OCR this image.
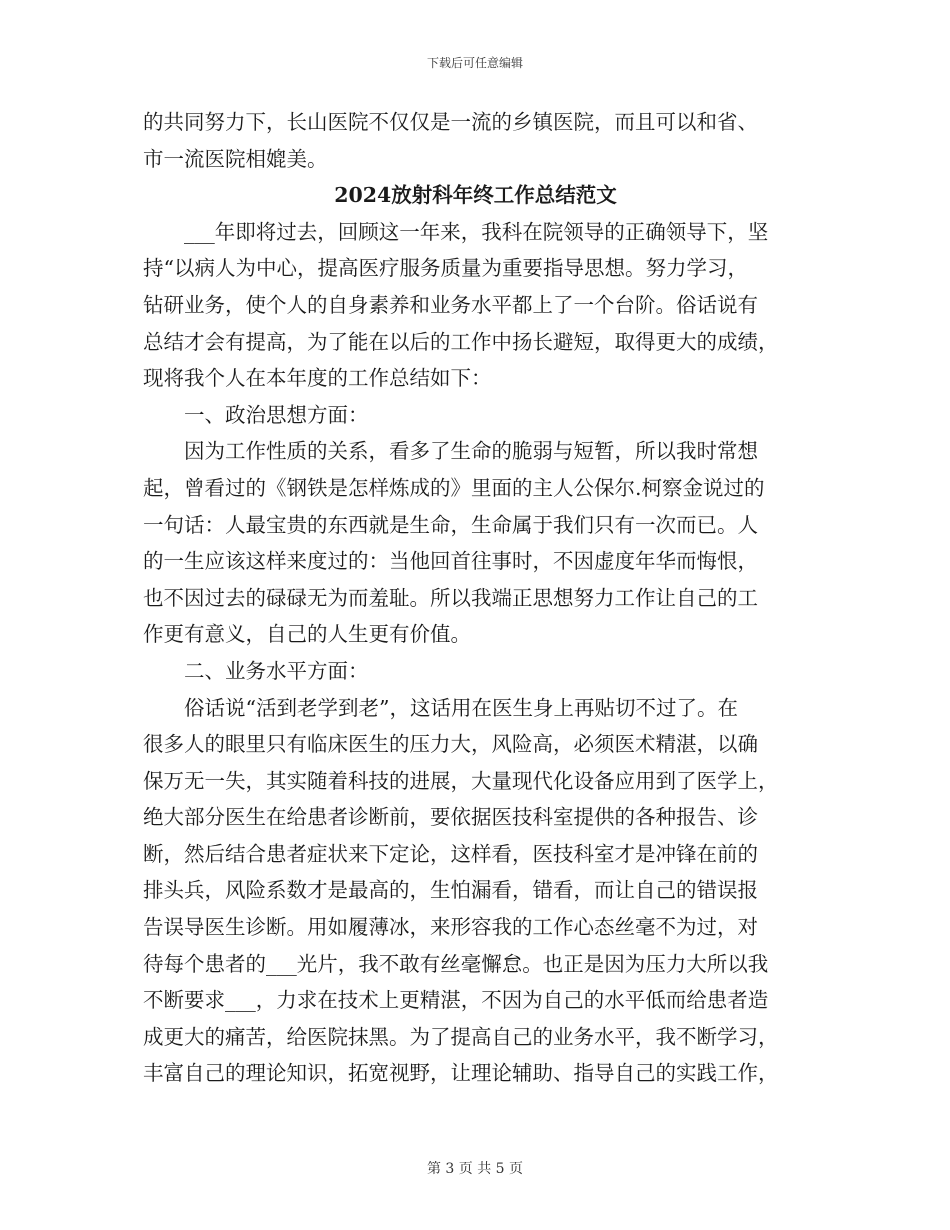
下载后可任意编辑
的共同努力下，长山医院不仅仅是一流的乡镇医院，而且可以和省、
市一流医院相媲美。
2024放射科年终工作总结范文
___年即将过去，回顾这一年来，我科在院领导的正确领导下，坚
持“以病人为中心，提高医疗服务质量为重要指导思想。努力学习，
钻研业务，使个人的自身素养和业务水平都上了一个台阶。俗话说有
总结才会有提高，为了能在以后的工作中扬长避短，取得更大的成绩，
现将我个人在本年度的工作总结如下：
一、政治思想方面：
因为工作性质的关系，看多了生命的脆弱与短暂，所以我时常想
起，曾看过的《钢铁是怎样炼成的》里面的主人公保尔.柯察金说过的
一句话：人最宝贵的东西就是生命，生命属于我们只有一次而已。人
的一生应该这样来度过的：当他回首往事时，不因虚度年华而悔恨，
也不因过去的碌碌无为而羞耻。所以我端正思想努力工作让自己的工
作更有意义，自己的人生更有价值。
二、业务水平方面：
俗话说“活到老学到老”，这话用在医生身上再贴切不过了。在
很多人的眼里只有临床医生的压力大，风险高，必须医术精湛，以确
保万无一失，其实随着科技的进展，大量现代化设备应用到了医学上，
绝大部分医生在给患者诊断前，要依据医技科室提供的各种报告、诊
断，然后结合患者症状来下定论，这样看，医技科室才是冲锋在前的
排头兵，风险系数才是最高的，生怕漏看，错看，而让自己的错误报
告误导医生诊断。用如履薄冰，来形容我的工作心态丝毫不为过，对
待每个患者的___光片，我不敢有丝毫懈怠。也正是因为压力大所以我
不断要求___，力求在技术上更精湛，不因为自己的水平低而给患者造
成更大的痛苦，给医院抹黑。为了提高自己的业务水平，我不断学习，
丰富自己的理论知识，拓宽视野，让理论辅助、指导自己的实践工作，
第 3 页 共 5 页
